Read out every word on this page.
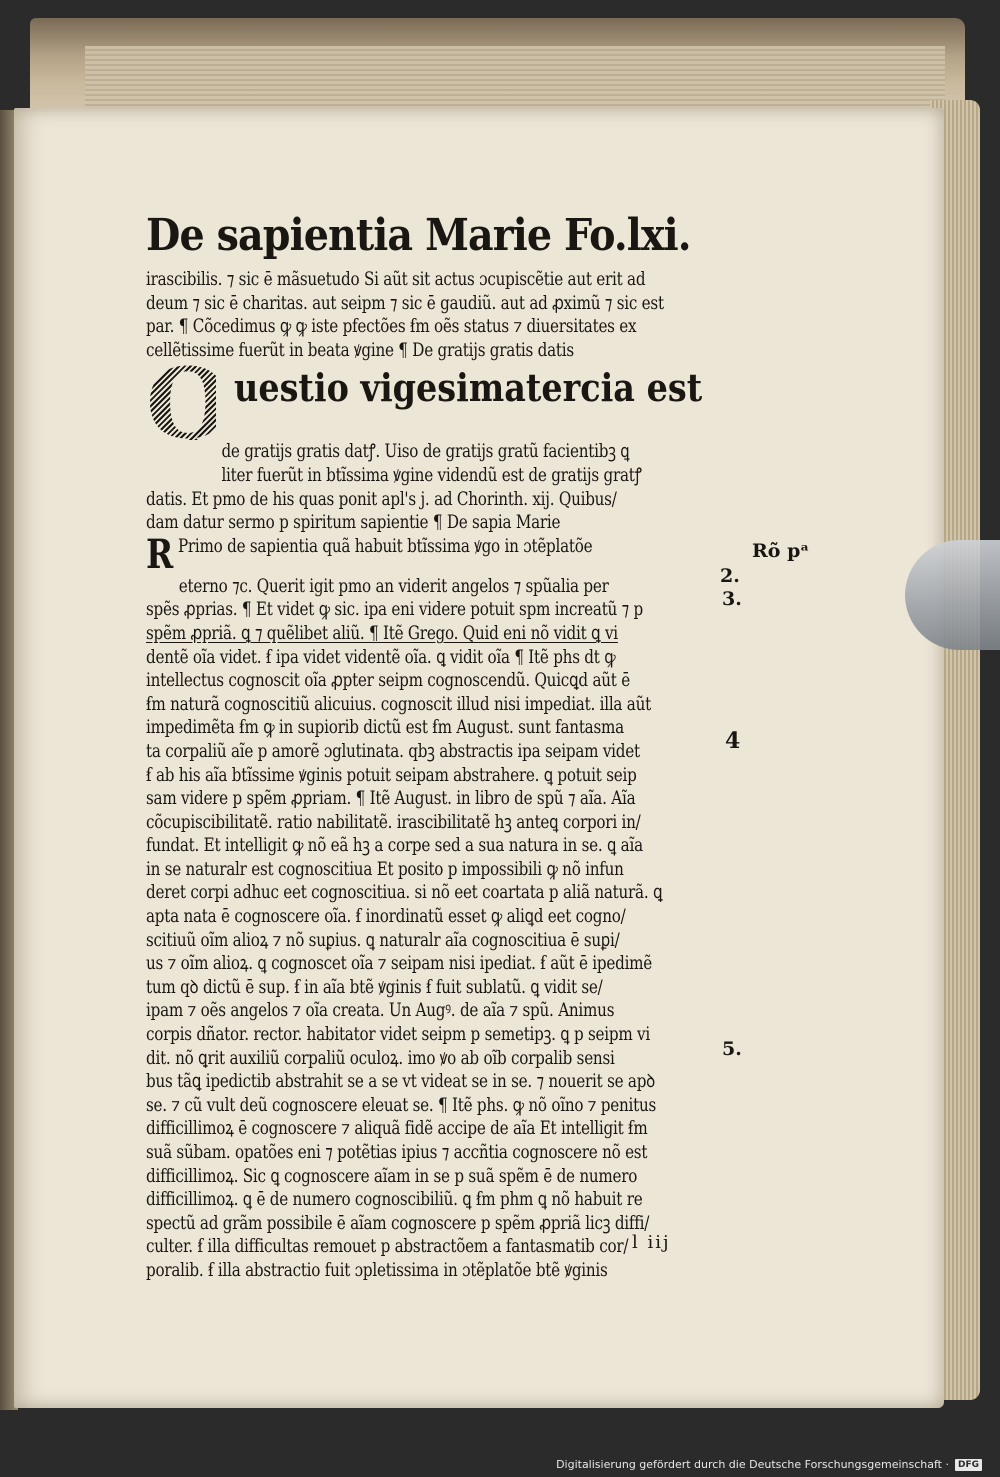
De sapientia Marie Fo.lxi.
irascibilis. ⁊ sic ē mãsuetudo Si aũt sit actus ɔcupiscẽtie aut erit ad
deum ⁊ sic ē charitas. aut seipm ⁊ sic ē gaudiũ. aut ad ꝓximũ ⁊ sic est
par. ¶ Cõcedimus ꝙ ꝙ iste pfectões ẜm oẽs status ⁊ diuersitates ex
cellẽtissime fuerũt in beata ꝟgine ¶ De gratijs gratis datis
Q uestio vigesimatercia est
de gratijs gratis datꝭ. Uiso de gratijs gratũ facientibꝫ ꝗ
liter fuerũt in btĩssima ꝟgine videndũ est de gratijs gratꝭ
datis. Et pmo de his quas ponit apl's j. ad Chorinth. xij. Quibus/
dam datur sermo p spiritum sapientie ¶ De sapia Marie
R Primo de sapientia quã habuit btĩssima ꝟgo in ɔtẽplatõe
eterno ⁊c. Querit igit pmo an viderit angelos ⁊ spũalia per
spẽs ꝓprias. ¶ Et videt ꝙ sic. ipa eni videre potuit spm increatũ ⁊ p
spẽm ꝓpriã. ꝗ ⁊ quẽlibet aliũ. ¶ Itẽ Grego. Quid eni nõ vidit ꝗ vi
dentẽ oĩa videt. ẜ ipa videt videntẽ oĩa. ꝗ vidit oĩa ¶ Itẽ phs dt ꝙ
intellectus cognoscit oĩa ꝓpter seipm cognoscendũ. Quicꝗd aũt ē
ẜm naturã cognoscitiũ alicuius. cognoscit illud nisi impediat. illa aũt
impedimẽta ẜm ꝙ in supiorib dictũ est ẜm August. sunt fantasma
ta corpaliũ aĩe p amorẽ ɔglutinata. qbꝫ abstractis ipa seipam videt
ẜ ab his aĩa btĩssime ꝟginis potuit seipam abstrahere. ꝗ potuit seip
sam videre p spẽm ꝓpriam. ¶ Itẽ August. in libro de spũ ⁊ aĩa. Aĩa
cõcupiscibilitatẽ. ratio nabilitatẽ. irascibilitatẽ hꝫ anteꝗ corpori in/
fundat. Et intelligit ꝙ nõ eã hꝫ a corpe sed a sua natura in se. ꝗ aĩa
in se naturalr est cognoscitiua Et posito p impossibili ꝙ nõ infun
deret corpi adhuc eet cognoscitiua. si nõ eet coartata p aliã naturã. ꝗ
apta nata ē cognoscere oĩa. ẜ inordinatũ esset ꝙ aliꝗd eet cogno/
scitiuũ oĩm alioꝝ ⁊ nõ suꝑius. ꝗ naturalr aĩa cognoscitiua ē suꝑi/
us ⁊ oĩm alioꝝ. ꝗ cognoscet oĩa ⁊ seipam nisi ipediat. ẜ aũt ē ipedimẽ
tum qꝺ dictũ ē sup. ẜ in aĩa btẽ ꝟginis ẜ fuit sublatũ. ꝗ vidit se/
ipam ⁊ oẽs angelos ⁊ oĩa creata. Un Augꝰ. de aĩa ⁊ spũ. Animus
corpis dñator. rector. habitator videt seipm p semetipꝫ. ꝗ p seipm vi
dit. nõ ꝗrit auxiliũ corpaliũ oculoꝝ. imo ꝟo ab oĩb corpalib sensi
bus tãꝗ ipedictib abstrahit se a se vt videat se in se. ⁊ nouerit se apꝺ
se. ⁊ cũ vult deũ cognoscere eleuat se. ¶ Itẽ phs. ꝙ nõ oĩno ⁊ penitus
difficillimoꝝ ē cognoscere ⁊ aliquã fidẽ accipe de aĩa Et intelligit ẜm
suã sũbam. opatões eni ⁊ potẽtias ipius ⁊ accñtia cognoscere nõ est
difficillimoꝝ. Sic ꝗ cognoscere aĩam in se p suã spẽm ē de numero
difficillimoꝝ. ꝗ ē de numero cognoscibiliũ. ꝗ ẜm phm ꝗ nõ habuit re
spectũ ad grãm possibile ē aĩam cognoscere p spẽm ꝓpriã licꝫ diffi/
culter. ẜ illa difficultas remouet p abstractõem a fantasmatib cor/
poralib. ẜ illa abstractio fuit ɔpletissima in ɔtẽplatõe btẽ ꝟginis
Rõ pᵃ
2.
3.
4
5.
l iij
Digitalisierung gefördert durch die Deutsche Forschungsgemeinschaft ·	DFG
